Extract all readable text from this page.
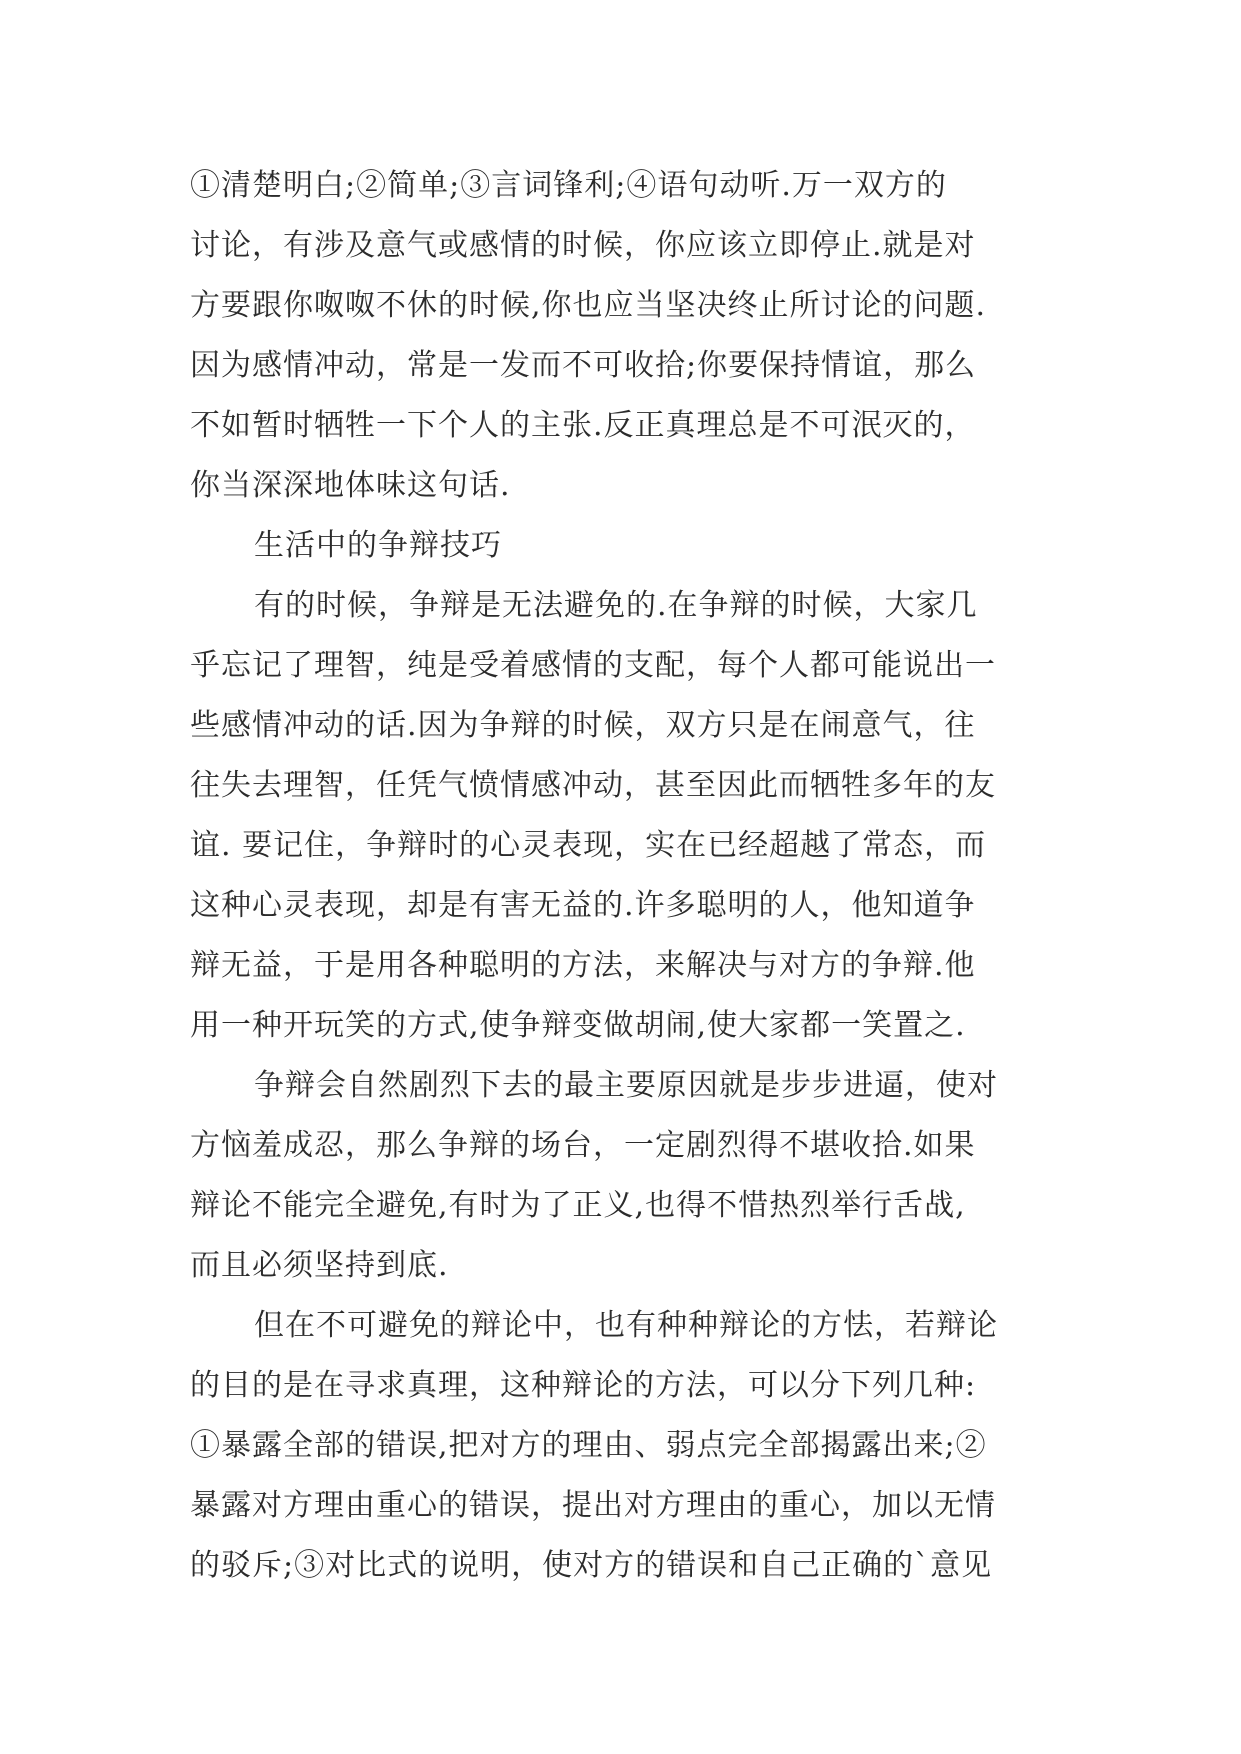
①清楚明白;②简单;③言词锋利;④语句动听.万一双方的
讨论，有涉及意气或感情的时候，你应该立即停止.就是对
方要跟你呶呶不休的时候,你也应当坚决终止所讨论的问题.
因为感情冲动，常是一发而不可收拾;你要保持情谊，那么
不如暂时牺牲一下个人的主张.反正真理总是不可泯灭的，
你当深深地体味这句话.
生活中的争辩技巧
有的时候，争辩是无法避免的.在争辩的时候，大家几
乎忘记了理智，纯是受着感情的支配，每个人都可能说出一
些感情冲动的话.因为争辩的时候，双方只是在闹意气，往
往失去理智，任凭气愤情感冲动，甚至因此而牺牲多年的友
谊. 要记住，争辩时的心灵表现，实在已经超越了常态，而
这种心灵表现，却是有害无益的.许多聪明的人，他知道争
辩无益，于是用各种聪明的方法，来解决与对方的争辩.他
用一种开玩笑的方式,使争辩变做胡闹,使大家都一笑置之.
争辩会自然剧烈下去的最主要原因就是步步进逼，使对
方恼羞成忍，那么争辩的场台，一定剧烈得不堪收拾.如果
辩论不能完全避免,有时为了正义,也得不惜热烈举行舌战,
而且必须坚持到底.
但在不可避免的辩论中，也有种种辩论的方怯，若辩论
的目的是在寻求真理，这种辩论的方法，可以分下列几种:
①暴露全部的错误,把对方的理由、弱点完全部揭露出来;②
暴露对方理由重心的错误，提出对方理由的重心，加以无情
的驳斥;③对比式的说明，使对方的错误和自己正确的`意见
